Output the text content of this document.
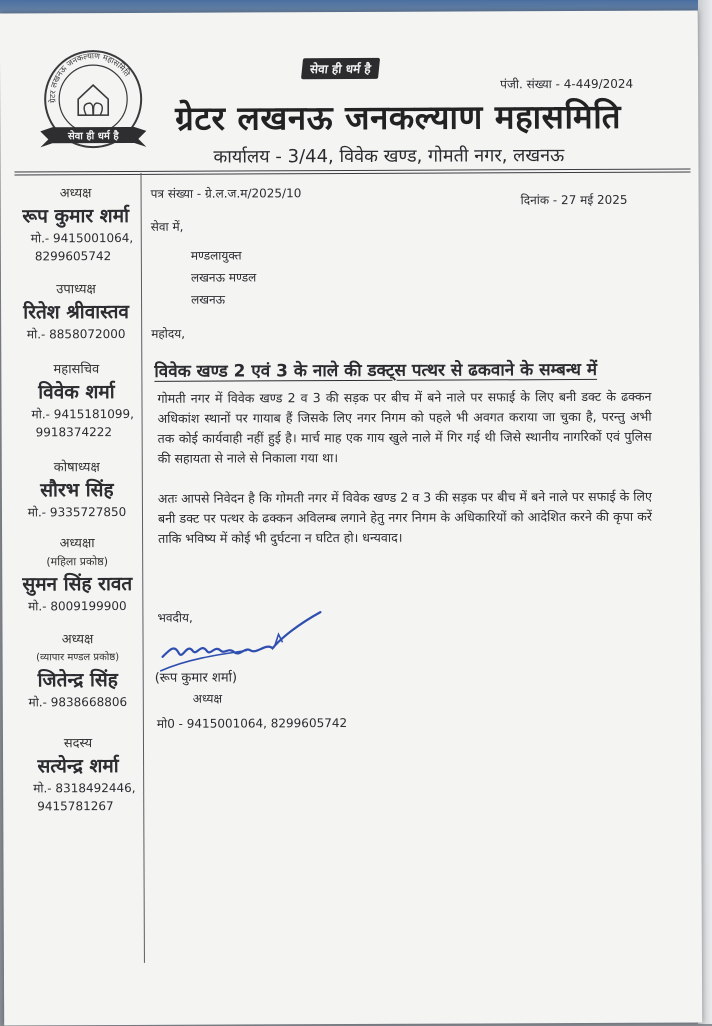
ग्रेटर लखनऊ जनकल्याण महासमिति
सेवा ही धर्म है
सेवा ही धर्म है
पंजी. संख्या - 4-449/2024
ग्रेटर लखनऊ जनकल्याण महासमिति
कार्यालय - 3/44, विवेक खण्ड, गोमती नगर, लखनऊ
अध्यक्ष
रूप कुमार शर्मा
मो.- 9415001064,
8299605742
उपाध्यक्ष
रितेश श्रीवास्तव
मो.- 8858072000
महासचिव
विवेक शर्मा
मो.- 9415181099,
9918374222
कोषाध्यक्ष
सौरभ सिंह
मो.- 9335727850
अध्यक्षा
(महिला प्रकोष्ठ)
सुमन सिंह रावत
मो.- 8009199900
अध्यक्ष
(व्यापार मण्डल प्रकोष्ठ)
जितेन्द्र सिंह
मो.- 9838668806
सदस्य
सत्येन्द्र शर्मा
मो.- 8318492446,
9415781267
पत्र संख्या - ग्रे.ल.ज.म/2025/10	दिनांक - 27 मई 2025
सेवा में,
मण्डलायुक्त
लखनऊ मण्डल
लखनऊ
महोदय,
विवेक खण्ड 2 एवं 3 के नाले की डक्ट्स पत्थर से ढकवाने के सम्बन्ध में
गोमती नगर में विवेक खण्ड 2 व 3 की सड़क पर बीच में बने नाले पर सफाई के लिए बनी डक्ट के ढक्कन अधिकांश स्थानों पर गायाब हैं जिसके लिए नगर निगम को पहले भी अवगत कराया जा चुका है, परन्तु अभी तक कोई कार्यवाही नहीं हुई है। मार्च माह एक गाय खुले नाले में गिर गई थी जिसे स्थानीय नागरिकों एवं पुलिस की सहायता से नाले से निकाला गया था।
अतः आपसे निवेदन है कि गोमती नगर में विवेक खण्ड 2 व 3 की सड़क पर बीच में बने नाले पर सफाई के लिए बनी डक्ट पर पत्थर के ढक्कन अविलम्ब लगाने हेतु नगर निगम के अधिकारियों को आदेशित करने की कृपा करें ताकि भविष्य में कोई भी दुर्घटना न घटित हो। धन्यवाद।
भवदीय,
(रूप कुमार शर्मा)
अध्यक्ष
मो0 - 9415001064, 8299605742
